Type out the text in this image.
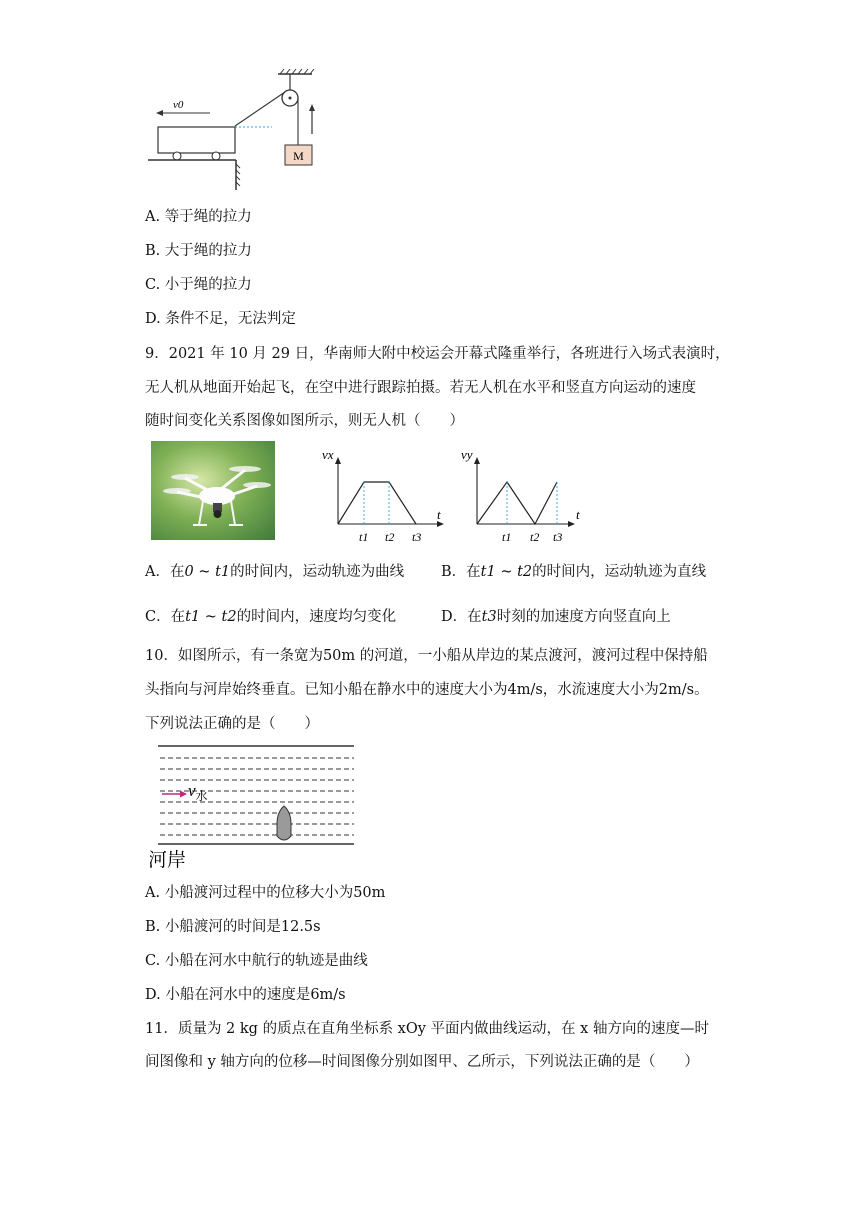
M
v0
A. 等于绳的拉力
B. 大于绳的拉力
C. 小于绳的拉力
D. 条件不足，无法判定
9．2021 年 10 月 29 日，华南师大附中校运会开幕式隆重举行，各班进行入场式表演时，
无人机从地面开始起飞，在空中进行跟踪拍摄。若无人机在水平和竖直方向运动的速度
随时间变化关系图像如图所示，则无人机（　　）
vx
t
t1 t2 t3
vy
t
t1 t2 t3
A．在0 ~ t1的时间内，运动轨迹为曲线	B．在t1 ~ t2的时间内，运动轨迹为直线
C．在t1 ~ t2的时间内，速度均匀变化	D．在t3时刻的加速度方向竖直向上
10．如图所示，有一条宽为50m 的河道，一小船从岸边的某点渡河，渡河过程中保持船
头指向与河岸始终垂直。已知小船在静水中的速度大小为4m/s，水流速度大小为2m/s。
下列说法正确的是（　　）
$v_水$
河岸
A. 小船渡河过程中的位移大小为50m
B. 小船渡河的时间是12.5s
C. 小船在河水中航行的轨迹是曲线
D. 小船在河水中的速度是6m/s
11．质量为 2 kg 的质点在直角坐标系 xOy 平面内做曲线运动，在 x 轴方向的速度—时
间图像和 y 轴方向的位移—时间图像分别如图甲、乙所示，下列说法正确的是（　　）
